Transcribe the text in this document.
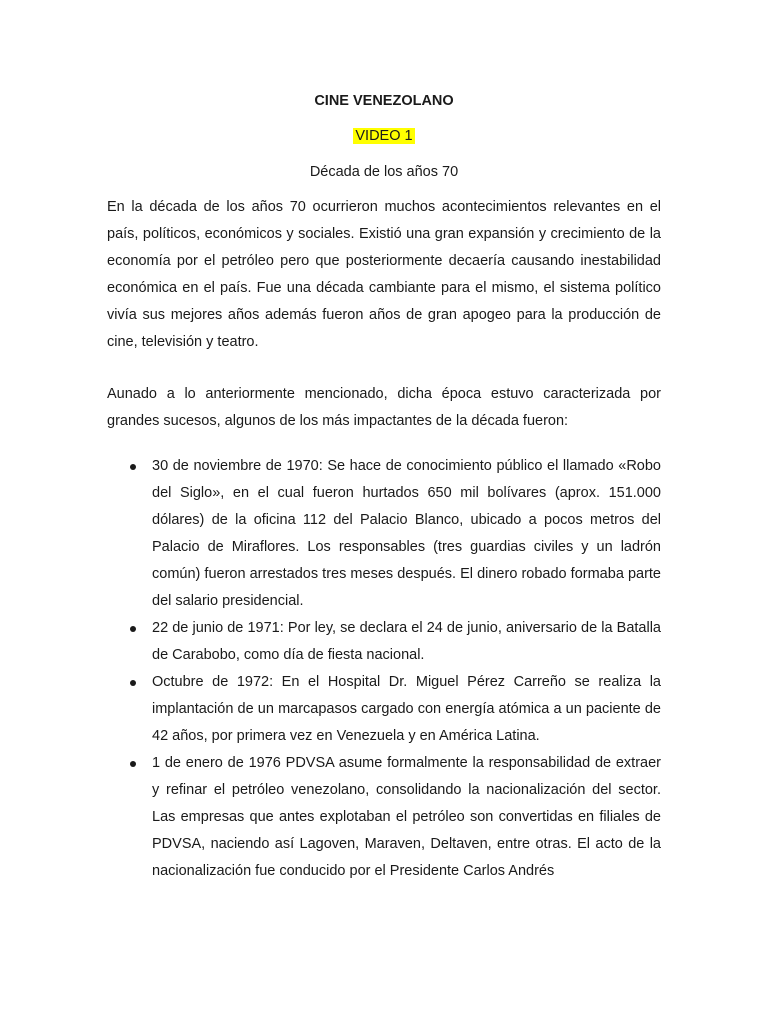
CINE VENEZOLANO
VIDEO 1

Década de los años 70

En la década de los años 70 ocurrieron muchos acontecimientos relevantes en el país, políticos, económicos y sociales. Existió una gran expansión y crecimiento de la economía por el petróleo pero que posteriormente decaería causando inestabilidad económica en el país. Fue una década cambiante para el mismo, el sistema político vivía sus mejores años además fueron años de gran apogeo para la producción de cine, televisión y teatro.

Aunado a lo anteriormente mencionado, dicha época estuvo caracterizada por grandes sucesos, algunos de los más impactantes de la década fueron:

30 de noviembre de 1970: Se hace de conocimiento público el llamado «Robo del Siglo», en el cual fueron hurtados 650 mil bolívares (aprox. 151.000 dólares) de la oficina 112 del Palacio Blanco, ubicado a pocos metros del Palacio de Miraflores. Los responsables (tres guardias civiles y un ladrón común) fueron arrestados tres meses después. El dinero robado formaba parte del salario presidencial.
22 de junio de 1971: Por ley, se declara el 24 de junio, aniversario de la Batalla de Carabobo, como día de fiesta nacional.
Octubre de 1972: En el Hospital Dr. Miguel Pérez Carreño se realiza la implantación de un marcapasos cargado con energía atómica a un paciente de 42 años, por primera vez en Venezuela y en América Latina.
1 de enero de 1976 PDVSA asume formalmente la responsabilidad de extraer y refinar el petróleo venezolano, consolidando la nacionalización del sector. Las empresas que antes explotaban el petróleo son convertidas en filiales de PDVSA, naciendo así Lagoven, Maraven, Deltaven, entre otras. El acto de la nacionalización fue conducido por el Presidente Carlos Andrés
